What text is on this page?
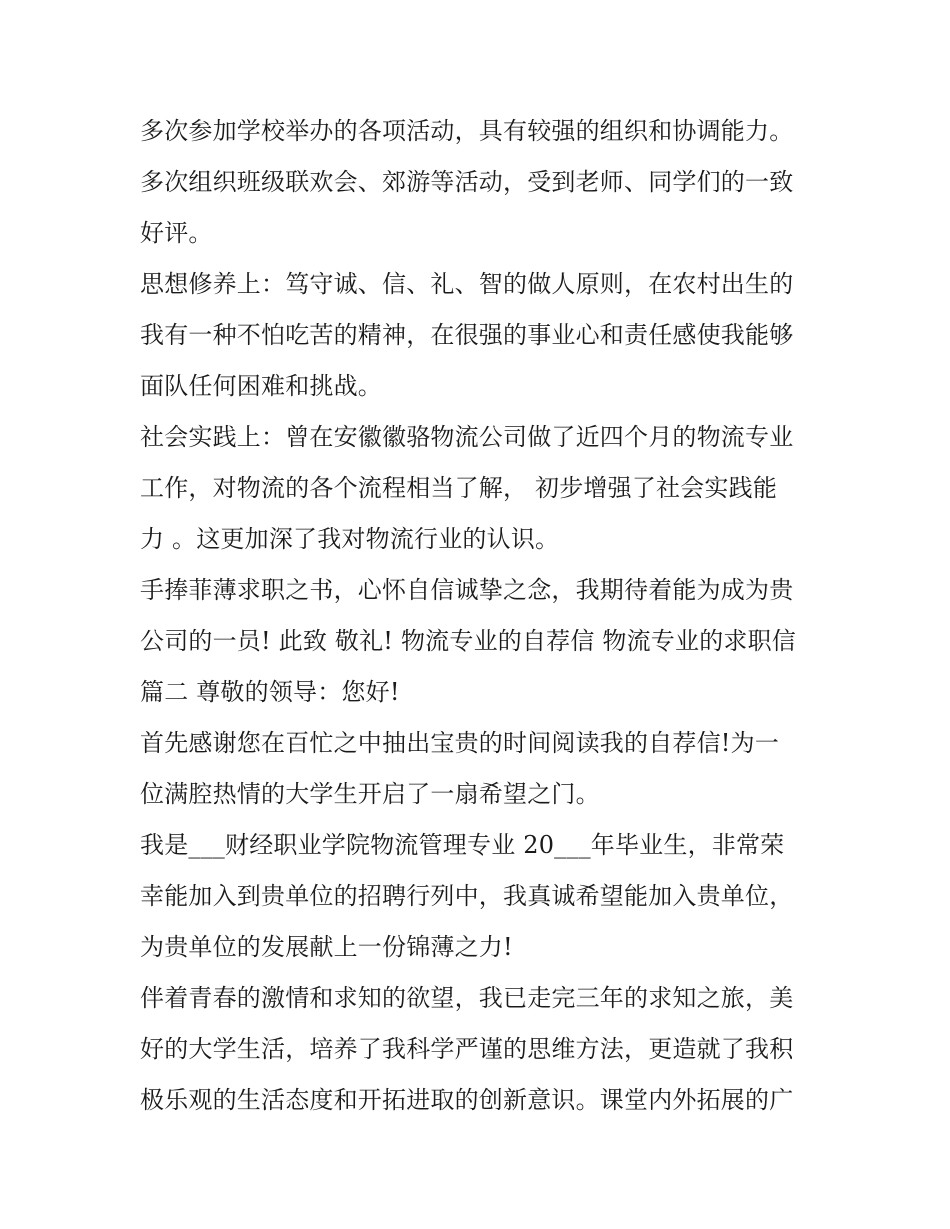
多次参加学校举办的各项活动，具有较强的组织和协调能力。
多次组织班级联欢会、郊游等活动，受到老师、同学们的一致
好评。
思想修养上：笃守诚、信、礼、智的做人原则，在农村出生的
我有一种不怕吃苦的精神，在很强的事业心和责任感使我能够
面队任何困难和挑战。
社会实践上：曾在安徽徽骆物流公司做了近四个月的物流专业
工作，对物流的各个流程相当了解， 初步增强了社会实践能
力 。这更加深了我对物流行业的认识。
手捧菲薄求职之书，心怀自信诚挚之念，我期待着能为成为贵
公司的一员! 此致 敬礼! 物流专业的自荐信 物流专业的求职信
篇二 尊敬的领导：您好!
首先感谢您在百忙之中抽出宝贵的时间阅读我的自荐信!为一
位满腔热情的大学生开启了一扇希望之门。
我是___财经职业学院物流管理专业 20___年毕业生，非常荣
幸能加入到贵单位的招聘行列中，我真诚希望能加入贵单位，
为贵单位的发展献上一份锦薄之力!
伴着青春的激情和求知的欲望，我已走完三年的求知之旅，美
好的大学生活，培养了我科学严谨的思维方法，更造就了我积
极乐观的生活态度和开拓进取的创新意识。课堂内外拓展的广
